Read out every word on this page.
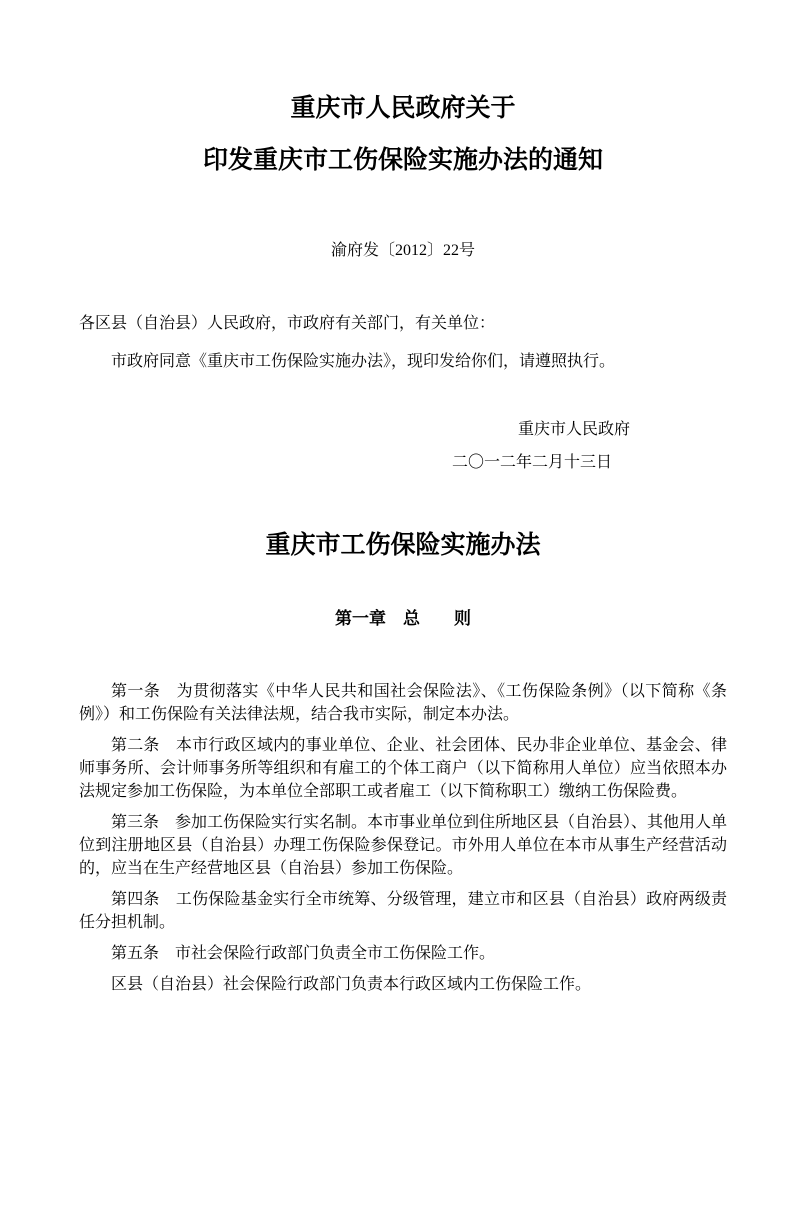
重庆市人民政府关于
印发重庆市工伤保险实施办法的通知
渝府发〔2012〕22号
各区县（自治县）人民政府，市政府有关部门，有关单位：
市政府同意《重庆市工伤保险实施办法》，现印发给你们，请遵照执行。
重庆市人民政府
二〇一二年二月十三日
重庆市工伤保险实施办法
第一章　总　　则

第一条　为贯彻落实《中华人民共和国社会保险法》、《工伤保险条例》（以下简称《条例》）和工伤保险有关法律法规，结合我市实际，制定本办法。

第二条　本市行政区域内的事业单位、企业、社会团体、民办非企业单位、基金会、律师事务所、会计师事务所等组织和有雇工的个体工商户（以下简称用人单位）应当依照本办法规定参加工伤保险，为本单位全部职工或者雇工（以下简称职工）缴纳工伤保险费。

第三条　参加工伤保险实行实名制。本市事业单位到住所地区县（自治县）、其他用人单位到注册地区县（自治县）办理工伤保险参保登记。市外用人单位在本市从事生产经营活动的，应当在生产经营地区县（自治县）参加工伤保险。

第四条　工伤保险基金实行全市统筹、分级管理，建立市和区县（自治县）政府两级责任分担机制。

第五条　市社会保险行政部门负责全市工伤保险工作。

区县（自治县）社会保险行政部门负责本行政区域内工伤保险工作。
